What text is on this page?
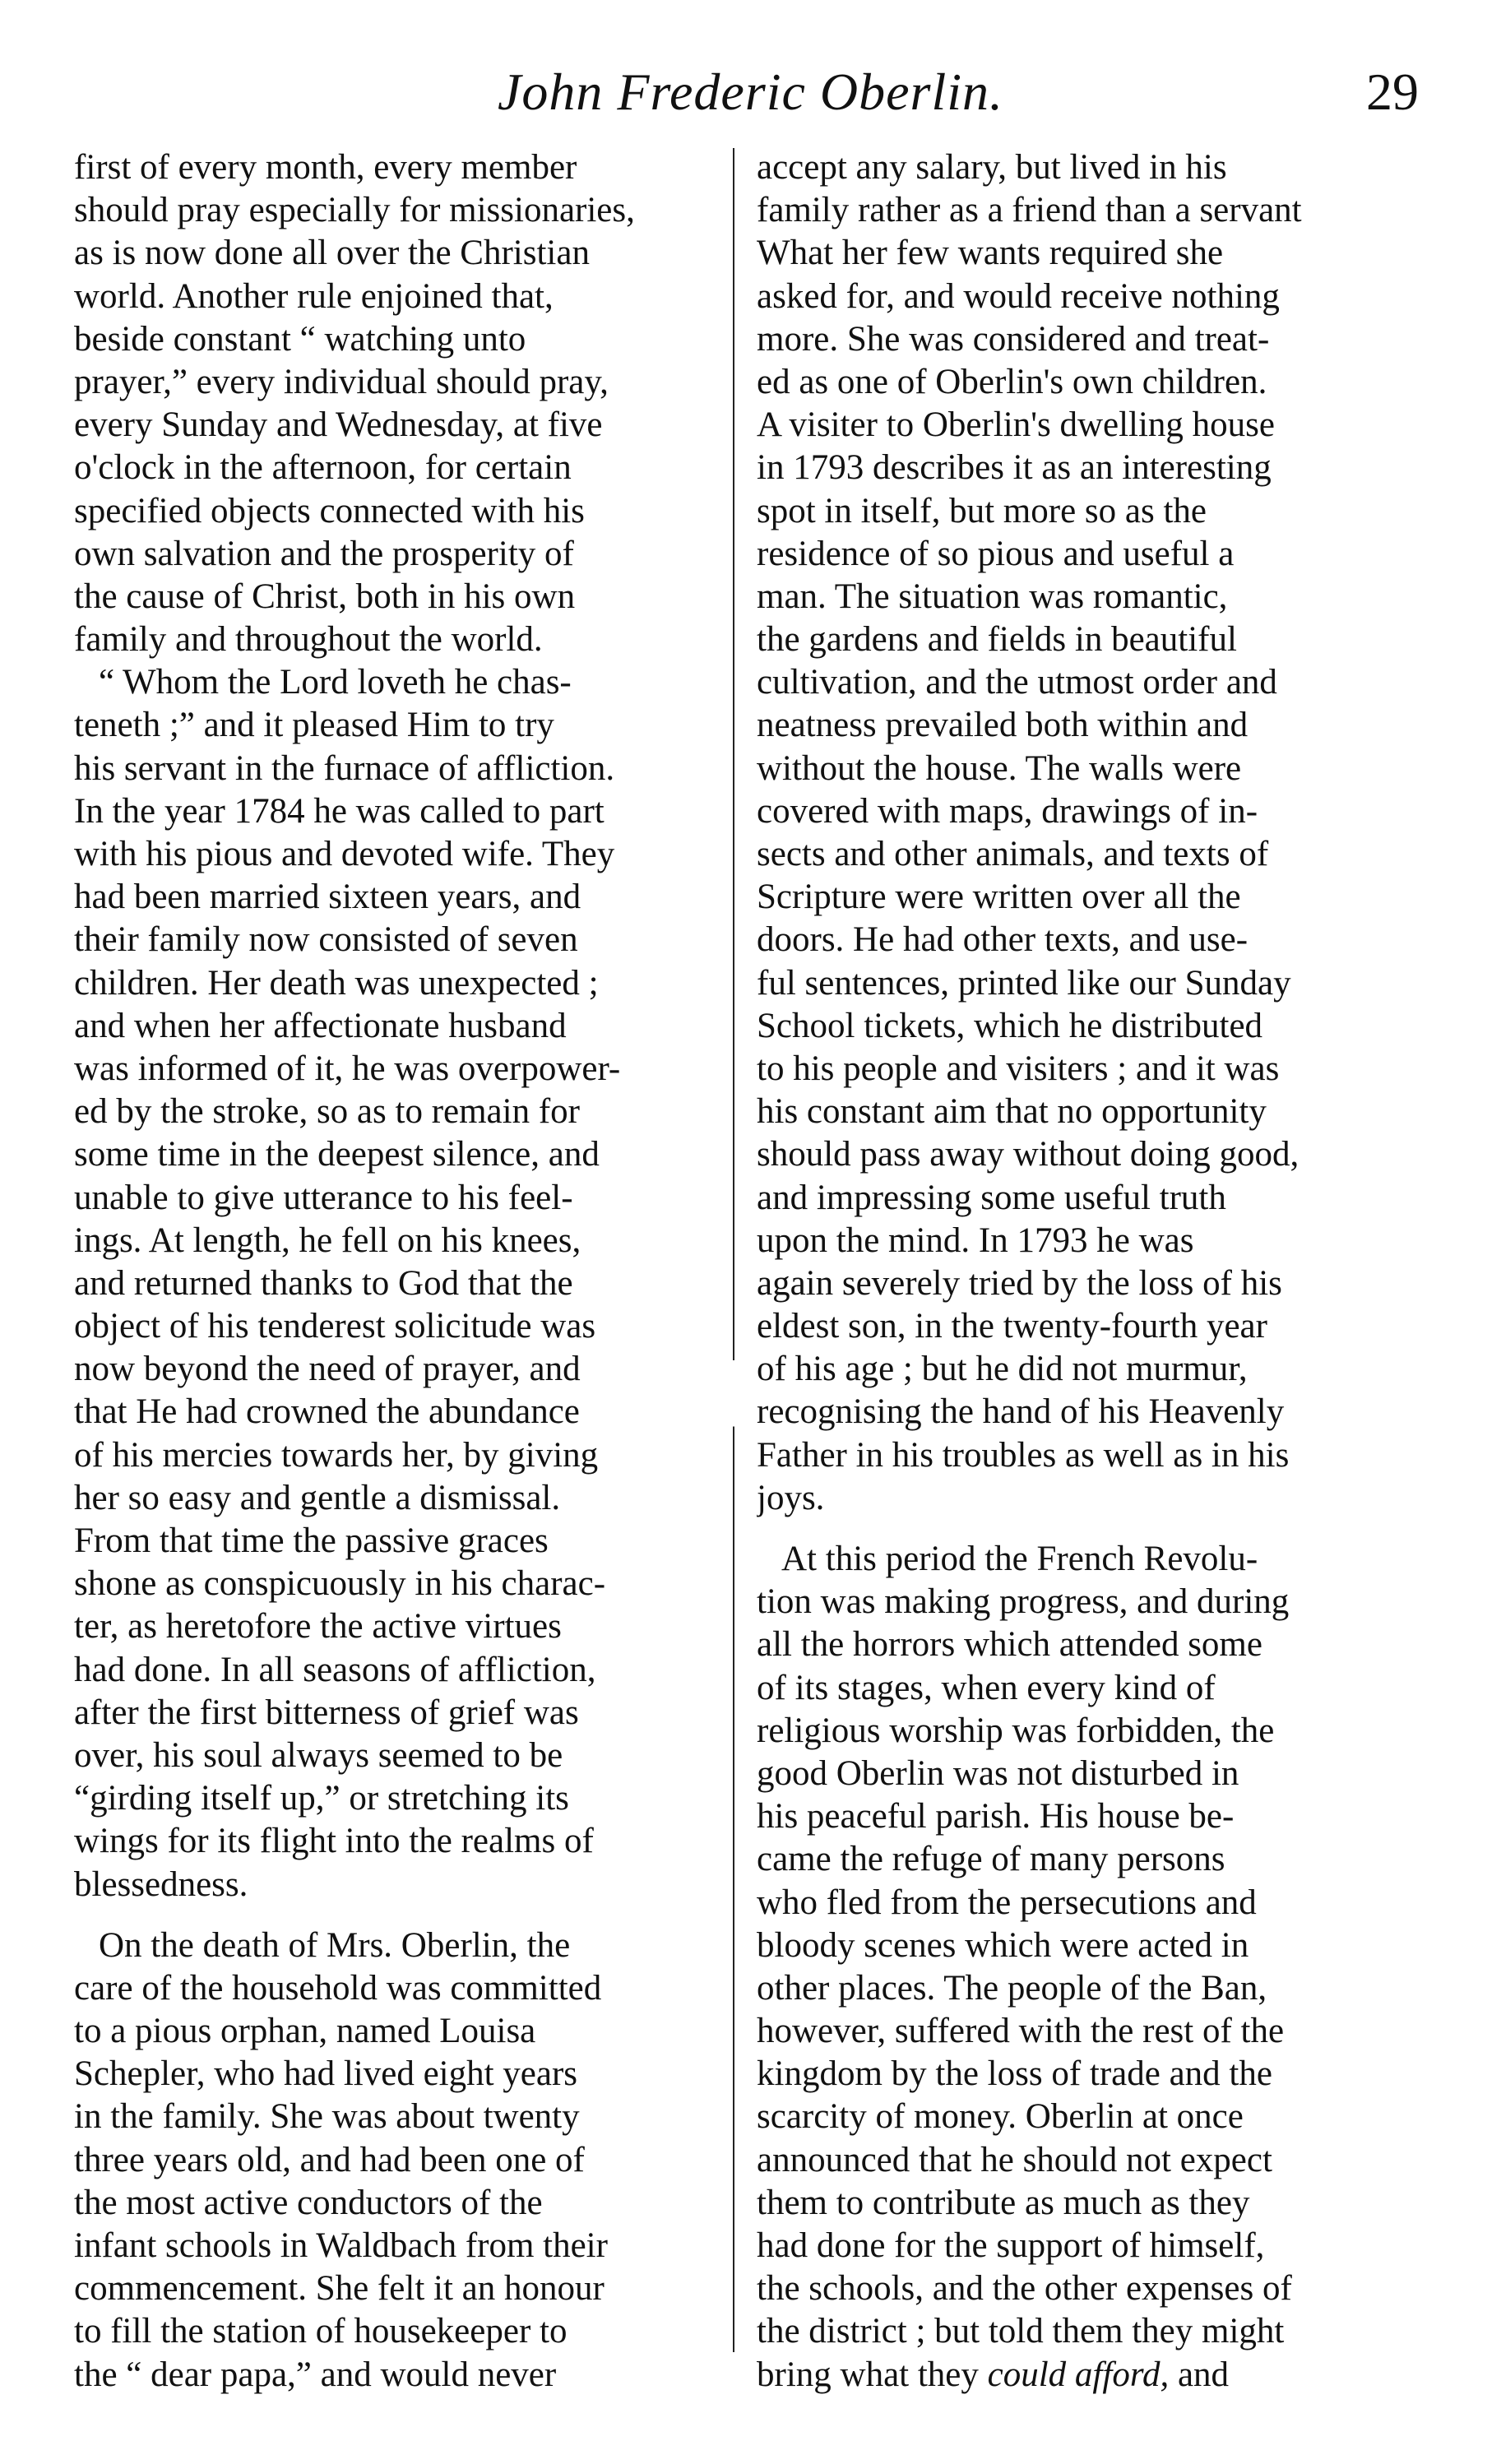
John Frederic Oberlin.	29
first of every month, every member
should pray especially for missionaries,
as is now done all over the Christian
world. Another rule enjoined that,
beside constant “ watching unto
prayer,” every individual should pray,
every Sunday and Wednesday, at five
o'clock in the afternoon, for certain
specified objects connected with his
own salvation and the prosperity of
the cause of Christ, both in his own
family and throughout the world.
“ Whom the Lord loveth he chas-
teneth ;” and it pleased Him to try
his servant in the furnace of affliction.
In the year 1784 he was called to part
with his pious and devoted wife. They
had been married sixteen years, and
their family now consisted of seven
children. Her death was unexpected ;
and when her affectionate husband
was informed of it, he was overpower-
ed by the stroke, so as to remain for
some time in the deepest silence, and
unable to give utterance to his feel-
ings. At length, he fell on his knees,
and returned thanks to God that the
object of his tenderest solicitude was
now beyond the need of prayer, and
that He had crowned the abundance
of his mercies towards her, by giving
her so easy and gentle a dismissal.
From that time the passive graces
shone as conspicuously in his charac-
ter, as heretofore the active virtues
had done. In all seasons of affliction,
after the first bitterness of grief was
over, his soul always seemed to be
“girding itself up,” or stretching its
wings for its flight into the realms of
blessedness.
On the death of Mrs. Oberlin, the
care of the household was committed
to a pious orphan, named Louisa
Schepler, who had lived eight years
in the family. She was about twenty
three years old, and had been one of
the most active conductors of the
infant schools in Waldbach from their
commencement. She felt it an honour
to fill the station of housekeeper to
the “ dear papa,” and would never
accept any salary, but lived in his
family rather as a friend than a servant
What her few wants required she
asked for, and would receive nothing
more. She was considered and treat-
ed as one of Oberlin's own children.
A visiter to Oberlin's dwelling house
in 1793 describes it as an interesting
spot in itself, but more so as the
residence of so pious and useful a
man. The situation was romantic,
the gardens and fields in beautiful
cultivation, and the utmost order and
neatness prevailed both within and
without the house. The walls were
covered with maps, drawings of in-
sects and other animals, and texts of
Scripture were written over all the
doors. He had other texts, and use-
ful sentences, printed like our Sunday
School tickets, which he distributed
to his people and visiters ; and it was
his constant aim that no opportunity
should pass away without doing good,
and impressing some useful truth
upon the mind. In 1793 he was
again severely tried by the loss of his
eldest son, in the twenty-fourth year
of his age ; but he did not murmur,
recognising the hand of his Heavenly
Father in his troubles as well as in his
joys.
At this period the French Revolu-
tion was making progress, and during
all the horrors which attended some
of its stages, when every kind of
religious worship was forbidden, the
good Oberlin was not disturbed in
his peaceful parish. His house be-
came the refuge of many persons
who fled from the persecutions and
bloody scenes which were acted in
other places. The people of the Ban,
however, suffered with the rest of the
kingdom by the loss of trade and the
scarcity of money. Oberlin at once
announced that he should not expect
them to contribute as much as they
had done for the support of himself,
the schools, and the other expenses of
the district ; but told them they might
bring what they could afford, and
